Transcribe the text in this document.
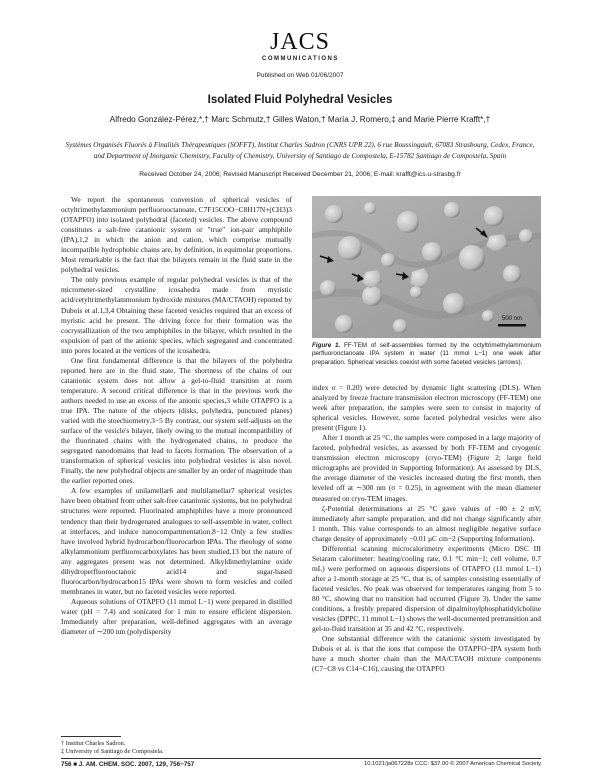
JACS
COMMUNICATIONS
Published on Web 01/06/2007
Isolated Fluid Polyhedral Vesicles
Alfredo González-Pérez,*,† Marc Schmutz,† Gilles Waton,† María J. Romero,‡ and Marie Pierre Krafft*,†
Systèmes Organisés Fluorés à Finalités Thérapeutiques (SOFFT), Institut Charles Sadron (CNRS UPR 22), 6 rue Boussingault, 67083 Strasbourg, Cedex, France, and Department of Inorganic Chemistry, Faculty of Chemistry, University of Santiago de Compostela, E-15782 Santiago de Compostela, Spain
Received October 24, 2006; Revised Manuscript Received December 21, 2006; E-mail: krafft@ics.u-strasbg.fr

We report the spontaneous conversion of spherical vesicles of octyltrimethylammonium perfluorooctanoate, C7F15COO−C8H17N+(CH3)3 (OTAPFO) into isolated polyhedral (faceted) vesicles. The above compound constitutes a salt-free catanionic system or "true" ion-pair amphiphile (IPA),1,2 in which the anion and cation, which comprise mutually incompatible hydrophobic chains are, by definition, in equimolar proportions. Most remarkable is the fact that the bilayers remain in the fluid state in the polyhedral vesicles.

The only previous example of regular polyhedral vesicles is that of the micrometer-sized crystalline icosahedra made from myristic acid/cetyltrimethylammonium hydroxide mixtures (MA/CTAOH) reported by Dubois et al.1,3,4 Obtaining these faceted vesicles required that an excess of myristic acid be present. The driving force for their formation was the cocrystallization of the two amphiphiles in the bilayer, which resulted in the expulsion of part of the anionic species, which segregated and concentrated into pores located at the vertices of the icosahedra.

One first fundamental difference is that the bilayers of the polyhedra reported here are in the fluid state. The shortness of the chains of our catanionic system does not allow a gel-to-fluid transition at room temperature. A second critical difference is that in the previous work the authors needed to use an excess of the anionic species,3 while OTAPFO is a true IPA. The nature of the objects (disks, polyhedra, punctured planes) varied with the stoechiometry.3−5 By contrast, our system self-adjusts on the surface of the vesicle's bilayer, likely owing to the mutual incompatibility of the fluorinated chains with the hydrogenated chains, to produce the segregated nanodomains that lead to facets formation. The observation of a transformation of spherical vesicles into polyhedral vesicles is also novel. Finally, the new polyhedral objects are smaller by an order of magnitude than the earlier reported ones.

A few examples of unilamellar6 and multilamellar7 spherical vesicles have been obtained from other salt-free catanionic systems, but no polyhedral structures were reported. Fluorinated amphiphiles have a more pronounced tendency than their hydrogenated analogues to self-assemble in water, collect at interfaces, and induce nanocompartmentation.8−12 Only a few studies have involved hybrid hydrocarbon/fluorocarbon IPAs. The rheology of some alkylammonium perfluorocarboxylates has been studied,13 but the nature of any aggregates present was not determined. Alkyldimethylamine oxide dihydroperfluorooctanoic acid14 and sugar-based fluorocarbon/hydrocarbon15 IPAs were shown to form vesicles and coiled membranes in water, but no faceted vesicles were reported.

Aqueous solutions of OTAPFO (11 mmol L−1) were prepared in distilled water (pH = 7.4) and sonicated for 1 min to ensure efficient dispersion. Immediately after preparation, well-defined aggregates with an average diameter of ∼200 nm (polydispersity

500 nm
Figure 1. FF-TEM of self-assemblies formed by the octyltrimethylammonium perfluorooctanoate IPA system in water (11 mmol L−1) one week after preparation. Spherical vesicles coexist with some faceted vesicles (arrows).

index σ = 0.20) were detected by dynamic light scattering (DLS). When analyzed by freeze fracture transmission electron microscopy (FF-TEM) one week after preparation, the samples were seen to consist in majority of spherical vesicles. However, some faceted polyhedral vesicles were also present (Figure 1).

After 1 month at 25 °C, the samples were composed in a large majority of faceted, polyhedral vesicles, as assessed by both FF-TEM and cryogenic transmission electron microscopy (cryo-TEM) (Figure 2; large field micrographs are provided in Supporting Information). As assessed by DLS, the average diameter of the vesicles increased during the first month, then leveled off at ∼300 nm (σ = 0.25), in agreement with the mean diameter measured on cryo-TEM images.

ζ-Potential determinations at 25 °C gave values of −80 ± 2 mV, immediately after sample preparation, and did not change significantly after 1 month. This value corresponds to an almost negligible negative surface charge density of approximately −0.01 μC cm−2 (Supporting Information).

Differential scanning microcalorimetry experiments (Micro DSC III Setaram calorimeter: heating/cooling rate, 0.1 °C min−1; cell volume, 0.7 mL) were performed on aqueous dispersions of OTAPFO (11 mmol L−1) after a 1-month storage at 25 °C, that is, of samples consisting essentially of faceted vesicles. No peak was observed for temperatures ranging from 5 to 80 °C, showing that no transition had occurred (Figure 3). Under the same conditions, a freshly prepared dispersion of dipalmitoylphosphatidylcholine vesicles (DPPC, 11 mmol L−1) shows the well-documented pretransition and gel-to-fluid transition at 35 and 42 °C, respectively.

One substantial difference with the catanionic system investigated by Dubois et al. is that the ions that compose the OTAPFO−IPA system both have a much shorter chain than the MA/CTAOH mixture components (C7−C8 vs C14−C16), causing the OTAPFO

† Institut Charles Sadron.
‡ University of Santiago de Compostela.
756 ■ J. AM. CHEM. SOC. 2007, 129, 756−757	10.1021/ja067228s CCC: $37.00 © 2007 American Chemical Society
